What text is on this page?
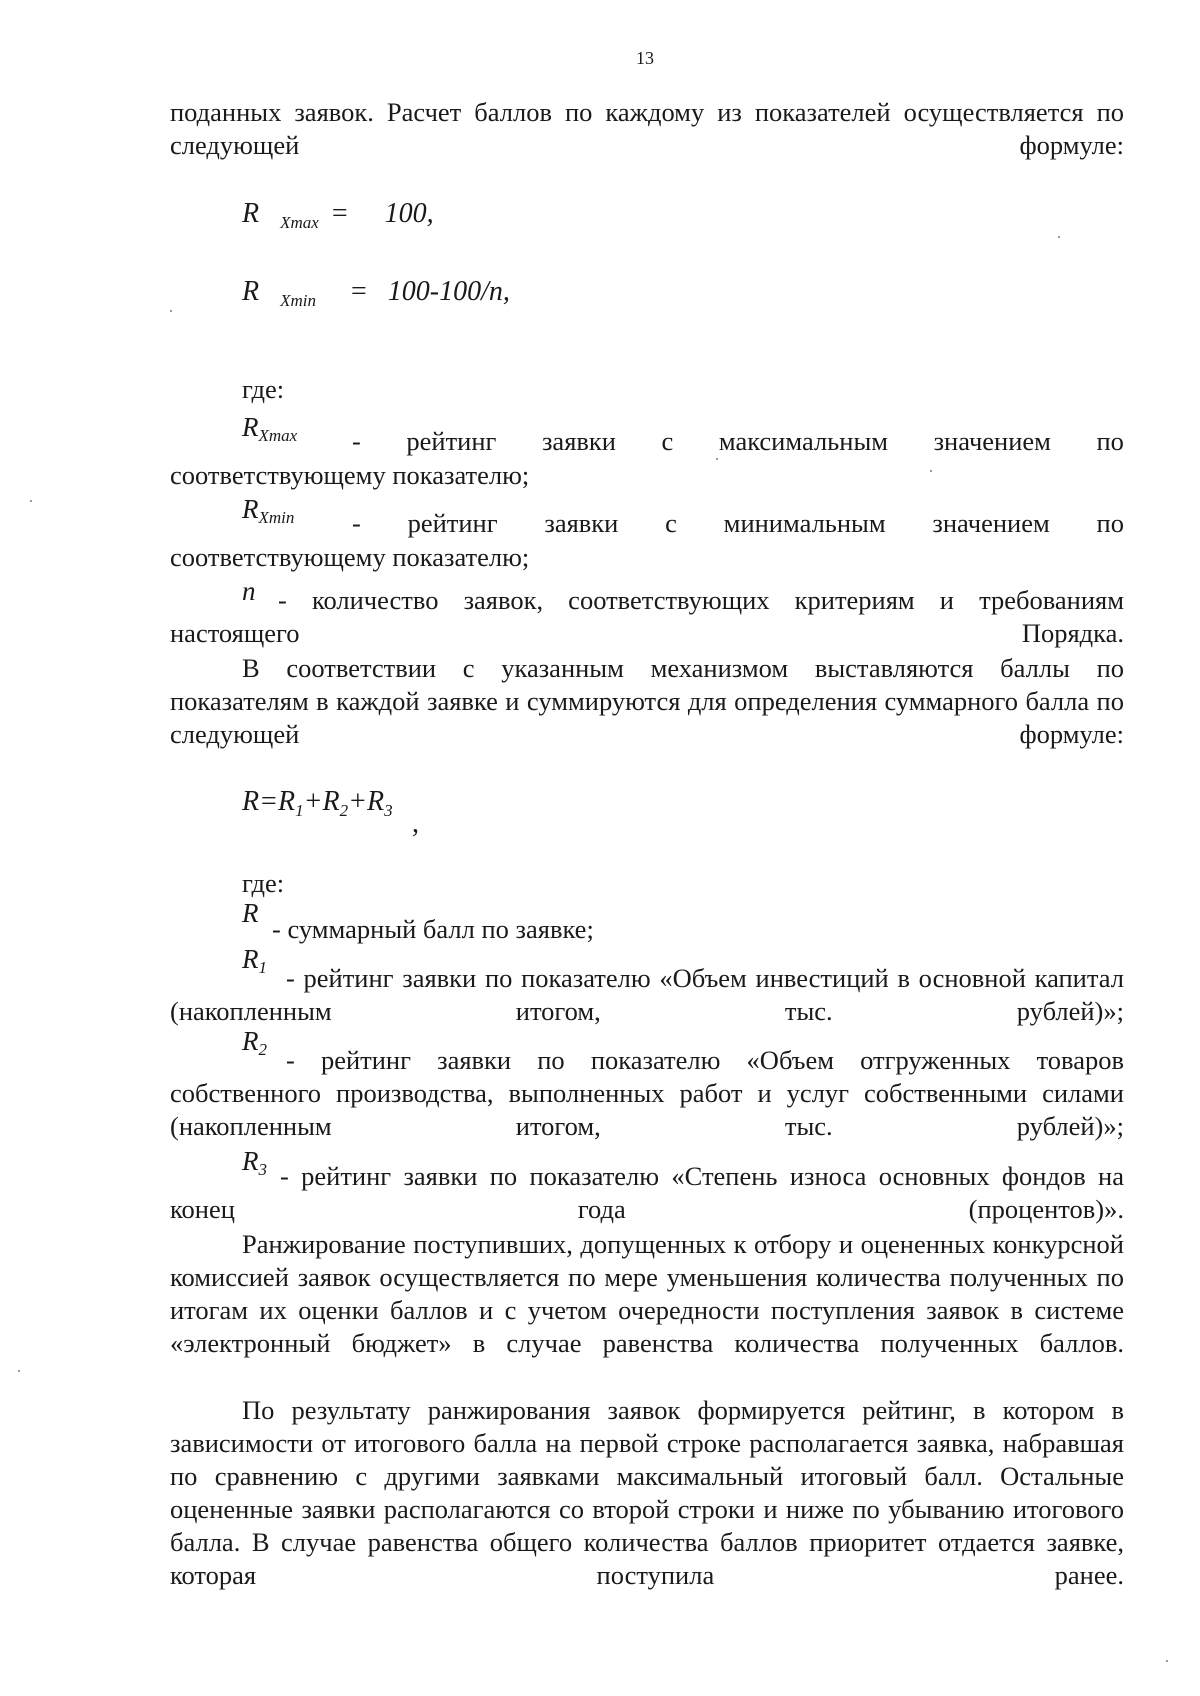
13
поданных заявок. Расчет баллов по каждому из показателей осуществляется по следующей формуле:
R $_{Xmax}$ = 100,
R $_{Xmin}$ = 100-100/n,
где:
$R_{Xmax}$ - рейтинг заявки с максимальным значением по
соответствующему показателю;
$R_{Xmin}$ - рейтинг заявки с минимальным значением по
соответствующему показателю;
n - количество заявок, соответствующих критериям и требованиям настоящего Порядка.
В соответствии с указанным механизмом выставляются баллы по показателям в каждой заявке и суммируются для определения суммарного балла по следующей формуле:
$R=R_1+R_2+R_3$ ,
где:
R
- суммарный балл по заявке;
$R_1$ - рейтинг заявки по показателю «Объем инвестиций в основной капитал (накопленным итогом, тыс. рублей)»;
$R_2$ - рейтинг заявки по показателю «Объем отгруженных товаров собственного производства, выполненных работ и услуг собственными силами (накопленным итогом, тыс. рублей)»;
$R_3$ - рейтинг заявки по показателю «Степень износа основных фондов на конец года (процентов)».
Ранжирование поступивших, допущенных к отбору и оцененных конкурсной комиссией заявок осуществляется по мере уменьшения количества полученных по итогам их оценки баллов и с учетом очередности поступления заявок в системе «электронный бюджет» в случае равенства количества полученных баллов.
По результату ранжирования заявок формируется рейтинг, в котором в зависимости от итогового балла на первой строке располагается заявка, набравшая по сравнению с другими заявками максимальный итоговый балл. Остальные оцененные заявки располагаются со второй строки и ниже по убыванию итогового балла. В случае равенства общего количества баллов приоритет отдается заявке, которая поступила ранее.
